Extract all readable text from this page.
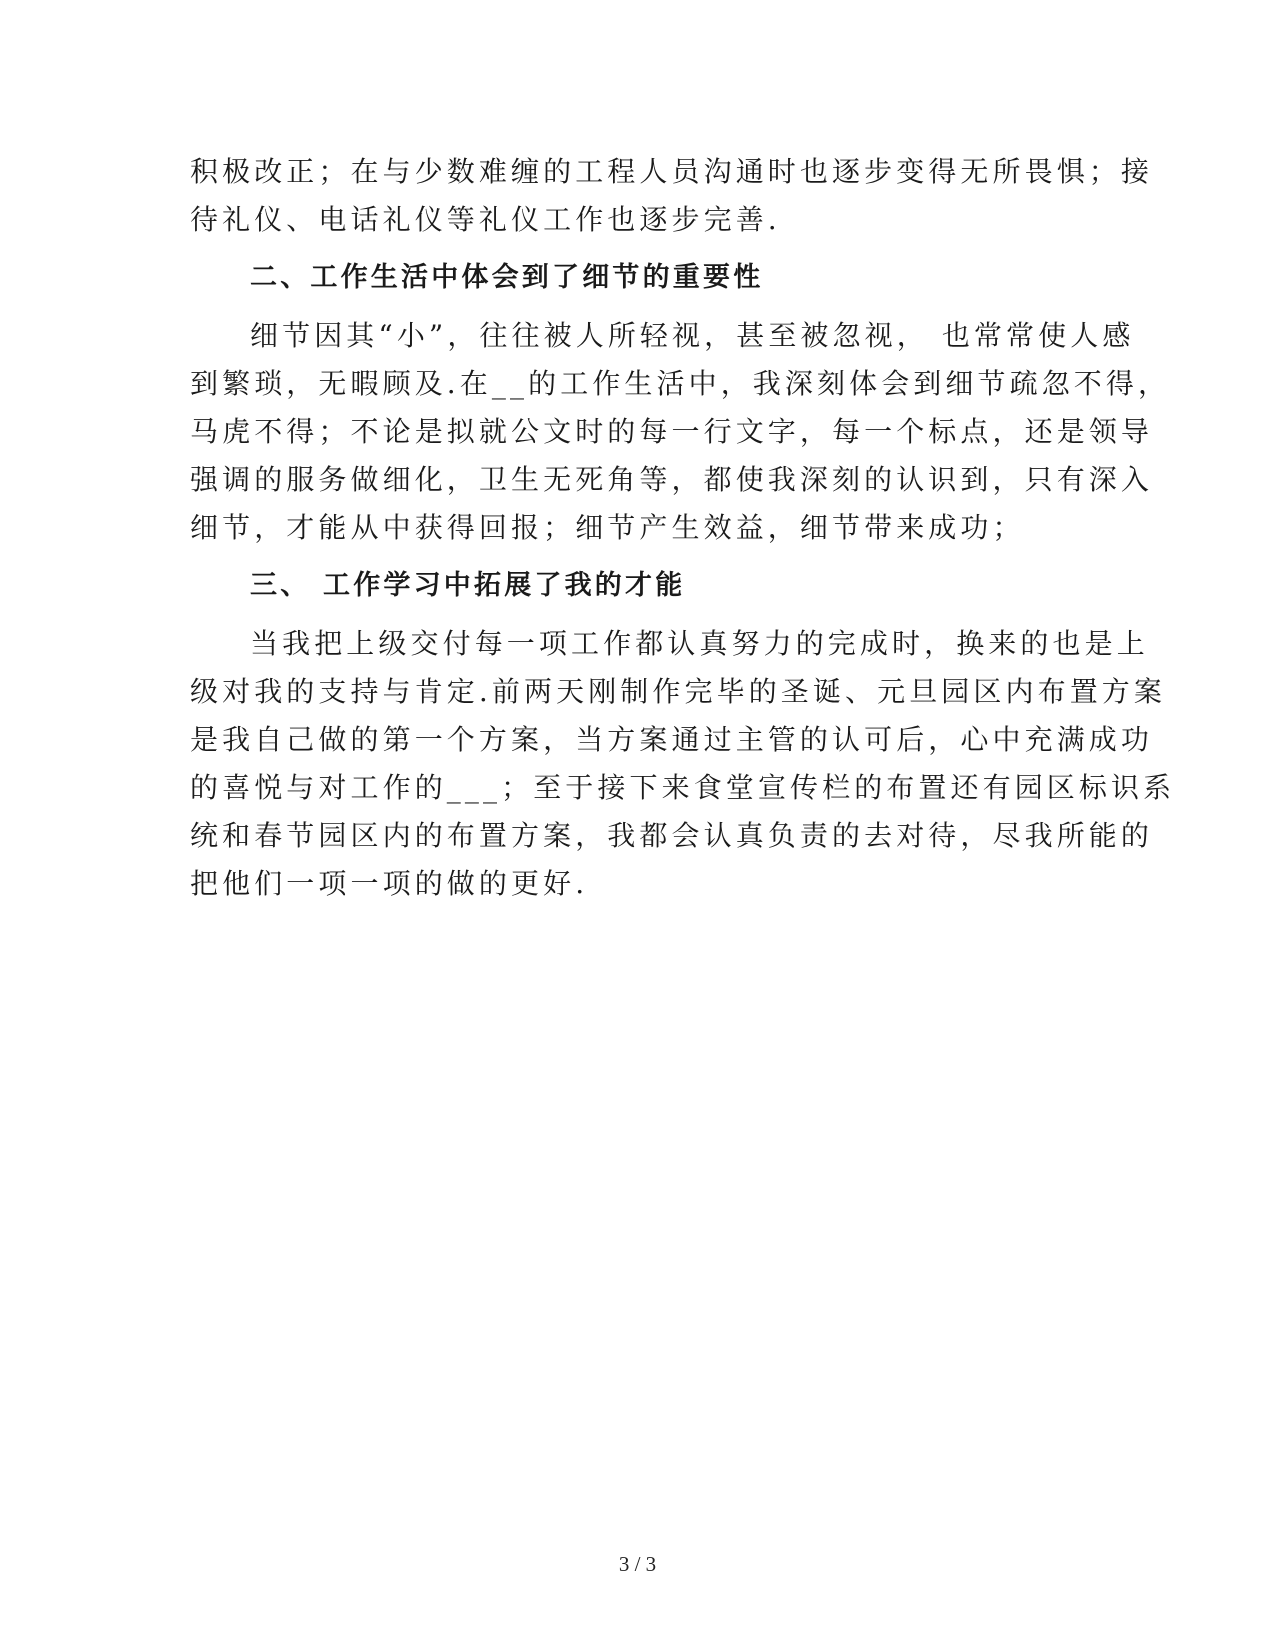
积极改正；在与少数难缠的工程人员沟通时也逐步变得无所畏惧；接
待礼仪、电话礼仪等礼仪工作也逐步完善.
二、工作生活中体会到了细节的重要性
细节因其“小”，往往被人所轻视，甚至被忽视， 也常常使人感
到繁琐，无暇顾及.在__的工作生活中，我深刻体会到细节疏忽不得，
马虎不得；不论是拟就公文时的每一行文字，每一个标点，还是领导
强调的服务做细化，卫生无死角等，都使我深刻的认识到，只有深入
细节，才能从中获得回报；细节产生效益，细节带来成功；
三、 工作学习中拓展了我的才能
当我把上级交付每一项工作都认真努力的完成时，换来的也是上
级对我的支持与肯定.前两天刚制作完毕的圣诞、元旦园区内布置方案
是我自己做的第一个方案，当方案通过主管的认可后，心中充满成功
的喜悦与对工作的___；至于接下来食堂宣传栏的布置还有园区标识系
统和春节园区内的布置方案，我都会认真负责的去对待，尽我所能的
把他们一项一项的做的更好.
3 / 3
